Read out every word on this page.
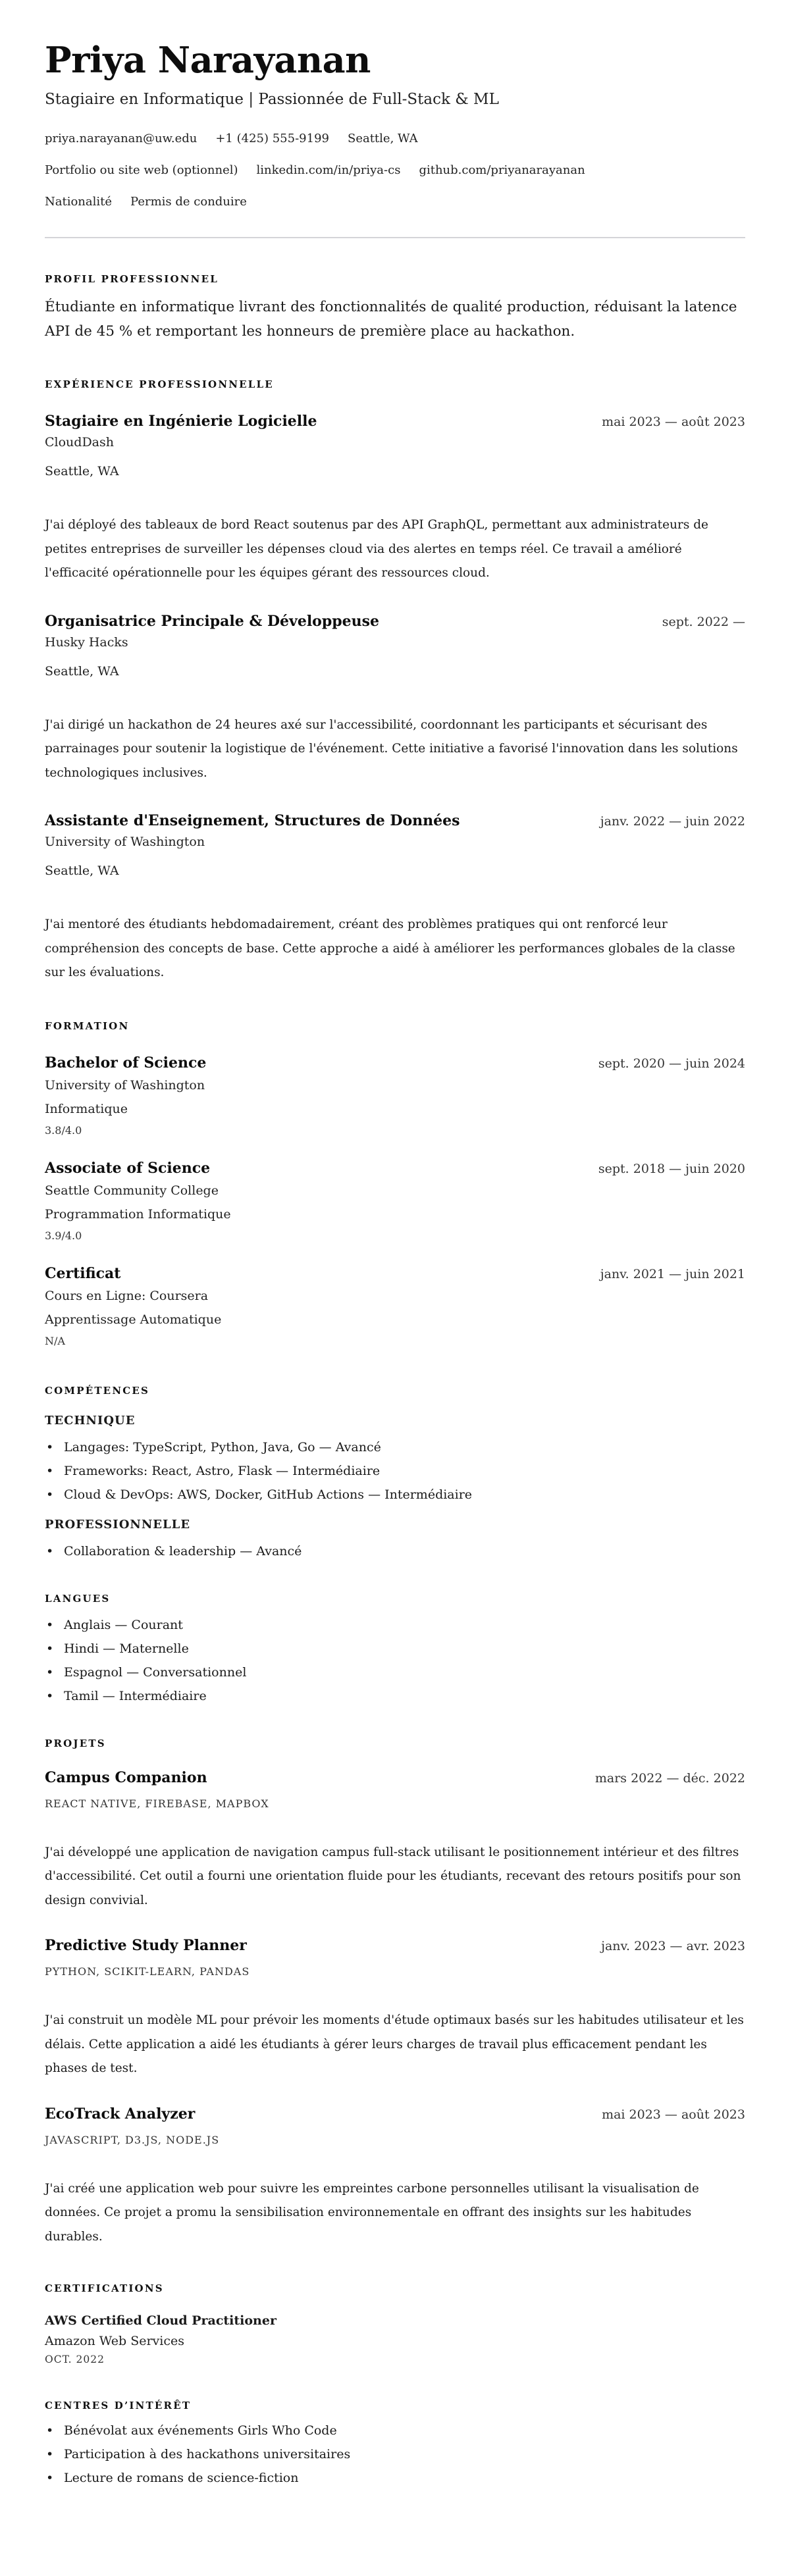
Priya Narayanan
Stagiaire en Informatique | Passionnée de Full-Stack & ML
priya.narayanan@uw.edu +1 (425) 555-9199 Seattle, WA
Portfolio ou site web (optionnel) linkedin.com/in/priya-cs github.com/priyanarayanan
Nationalité Permis de conduire
PROFIL PROFESSIONNEL

Étudiante en informatique livrant des fonctionnalités de qualité production, réduisant la latence API de 45 % et remportant les honneurs de première place au hackathon.

EXPÉRIENCE PROFESSIONNELLE
Stagiaire en Ingénierie Logicielle	mai 2023 — août 2023
CloudDash
Seattle, WA

J'ai déployé des tableaux de bord React soutenus par des API GraphQL, permettant aux administrateurs de petites entreprises de surveiller les dépenses cloud via des alertes en temps réel. Ce travail a amélioré l'efficacité opérationnelle pour les équipes gérant des ressources cloud.

Organisatrice Principale & Développeuse	sept. 2022 —
Husky Hacks
Seattle, WA

J'ai dirigé un hackathon de 24 heures axé sur l'accessibilité, coordonnant les participants et sécurisant des parrainages pour soutenir la logistique de l'événement. Cette initiative a favorisé l'innovation dans les solutions technologiques inclusives.

Assistante d'Enseignement, Structures de Données	janv. 2022 — juin 2022
University of Washington
Seattle, WA

J'ai mentoré des étudiants hebdomadairement, créant des problèmes pratiques qui ont renforcé leur compréhension des concepts de base. Cette approche a aidé à améliorer les performances globales de la classe sur les évaluations.

FORMATION
Bachelor of Science	sept. 2020 — juin 2024
University of Washington
Informatique
3.8/4.0
Associate of Science	sept. 2018 — juin 2020
Seattle Community College
Programmation Informatique
3.9/4.0
Certificat	janv. 2021 — juin 2021
Cours en Ligne: Coursera
Apprentissage Automatique
N/A
COMPÉTENCES
TECHNIQUE
• Langages: TypeScript, Python, Java, Go — Avancé
• Frameworks: React, Astro, Flask — Intermédiaire
• Cloud & DevOps: AWS, Docker, GitHub Actions — Intermédiaire
PROFESSIONNELLE
• Collaboration & leadership — Avancé
LANGUES
• Anglais — Courant
• Hindi — Maternelle
• Espagnol — Conversationnel
• Tamil — Intermédiaire
PROJETS
Campus Companion	mars 2022 — déc. 2022
REACT NATIVE, FIREBASE, MAPBOX

J'ai développé une application de navigation campus full-stack utilisant le positionnement intérieur et des filtres d'accessibilité. Cet outil a fourni une orientation fluide pour les étudiants, recevant des retours positifs pour son design convivial.

Predictive Study Planner	janv. 2023 — avr. 2023
PYTHON, SCIKIT-LEARN, PANDAS

J'ai construit un modèle ML pour prévoir les moments d'étude optimaux basés sur les habitudes utilisateur et les délais. Cette application a aidé les étudiants à gérer leurs charges de travail plus efficacement pendant les phases de test.

EcoTrack Analyzer	mai 2023 — août 2023
JAVASCRIPT, D3.JS, NODE.JS

J'ai créé une application web pour suivre les empreintes carbone personnelles utilisant la visualisation de données. Ce projet a promu la sensibilisation environnementale en offrant des insights sur les habitudes durables.

CERTIFICATIONS
AWS Certified Cloud Practitioner
Amazon Web Services
OCT. 2022
CENTRES D’INTÉRÊT
• Bénévolat aux événements Girls Who Code
• Participation à des hackathons universitaires
• Lecture de romans de science-fiction
